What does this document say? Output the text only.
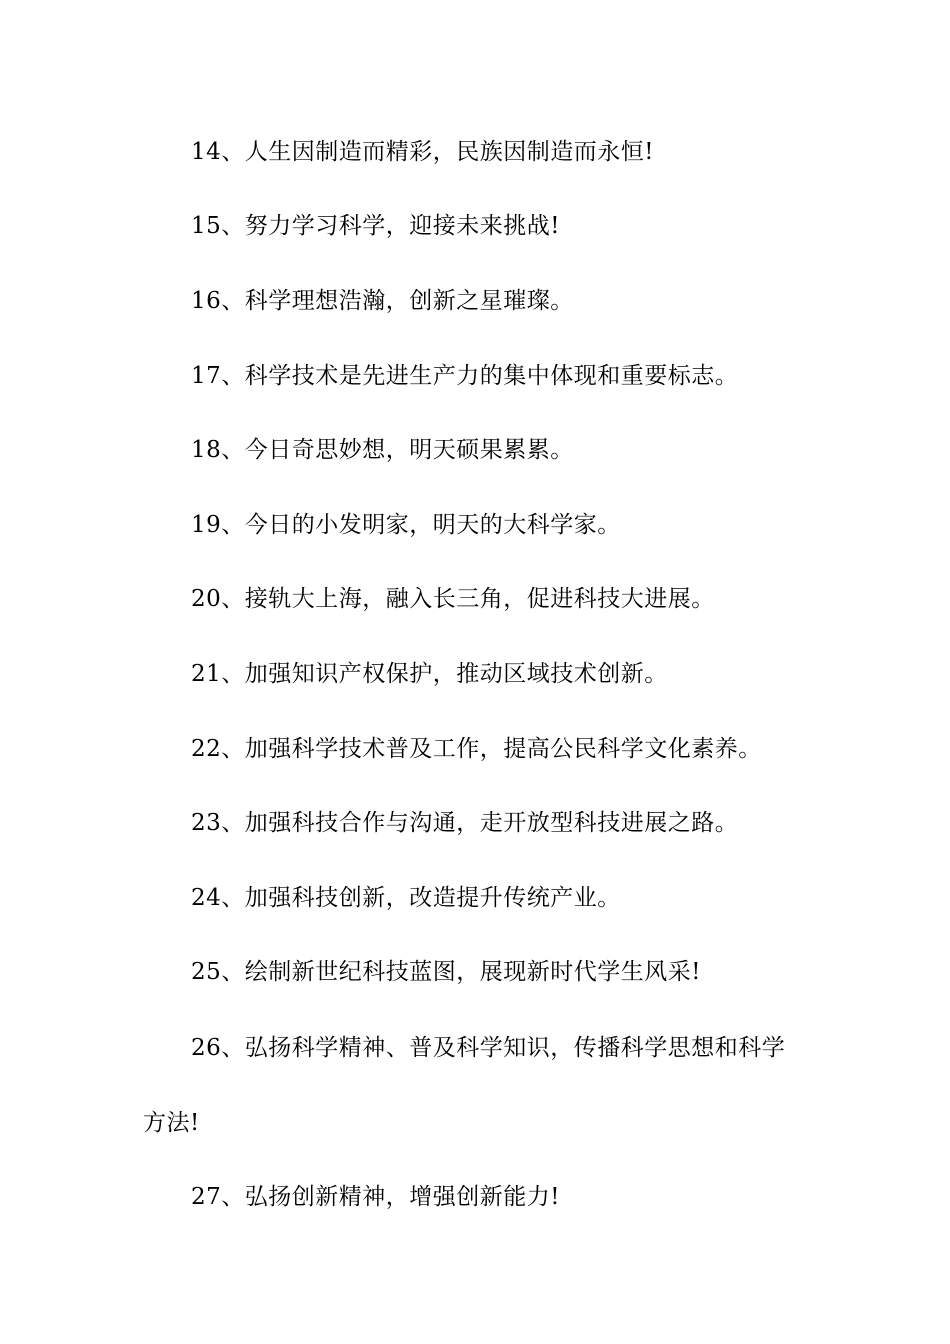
14、人生因制造而精彩，民族因制造而永恒!
15、努力学习科学，迎接未来挑战!
16、科学理想浩瀚，创新之星璀璨。
17、科学技术是先进生产力的集中体现和重要标志。
18、今日奇思妙想，明天硕果累累。
19、今日的小发明家，明天的大科学家。
20、接轨大上海，融入长三角，促进科技大进展。
21、加强知识产权保护，推动区域技术创新。
22、加强科学技术普及工作，提高公民科学文化素养。
23、加强科技合作与沟通，走开放型科技进展之路。
24、加强科技创新，改造提升传统产业。
25、绘制新世纪科技蓝图，展现新时代学生风采!
26、弘扬科学精神、普及科学知识，传播科学思想和科学
方法!
27、弘扬创新精神，增强创新能力!
